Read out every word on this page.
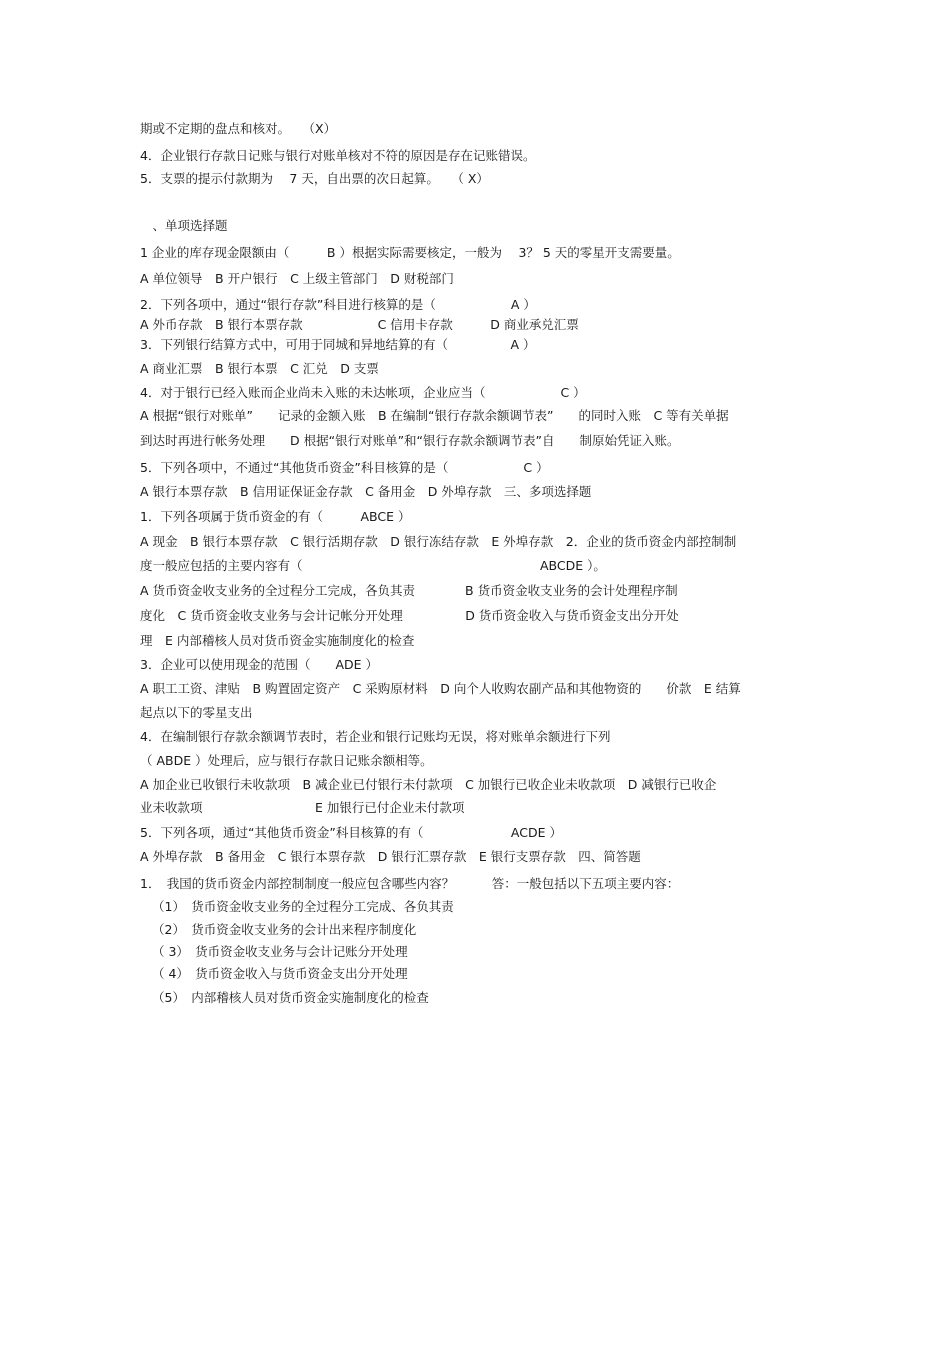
期或不定期的盘点和核对。　　（X）
4．企业银行存款日记账与银行对账单核对不符的原因是存在记账错误。
5．支票的提示付款期为　 7 天，自出票的次日起算。　　（ X）
　、单项选择题
1 企业的库存现金限额由（　　　B ）根据实际需要核定，一般为　 3？ 5 天的零星开支需要量。
A 单位领导　B 开户银行　C 上级主管部门　D 财税部门
2．下列各项中，通过“银行存款”科目进行核算的是（　　　　　　A ）
A 外币存款　B 银行本票存款　　　　　　C 信用卡存款　　　D 商业承兑汇票
3．下列银行结算方式中，可用于同城和异地结算的有（　　　　　A ）
A 商业汇票　B 银行本票　C 汇兑　D 支票
4．对于银行已经入账而企业尚未入账的未达帐项，企业应当（　　　　　　C ）
A 根据“银行对账单”　　记录的金额入账　B 在编制“银行存款余额调节表”　　的同时入账　C 等有关单据
到达时再进行帐务处理　　D 根据“银行对账单”和“银行存款余额调节表”自　　制原始凭证入账。
5．下列各项中，不通过“其他货币资金”科目核算的是（　　　　　　C ）
A 银行本票存款　B 信用证保证金存款　C 备用金　D 外埠存款　三、多项选择题
1．下列各项属于货币资金的有（　　　ABCE ）
A 现金　B 银行本票存款　C 银行活期存款　D 银行冻结存款　E 外埠存款　2．企业的货币资金内部控制制
度一般应包括的主要内容有（　　　　　　　　　　　　　　　　　　　ABCDE ）。
A 货币资金收支业务的全过程分工完成，各负其责　　　　B 货币资金收支业务的会计处理程序制
度化　C 货币资金收支业务与会计记帐分开处理　　　　　D 货币资金收入与货币资金支出分开处
理　E 内部稽核人员对货币资金实施制度化的检查
3．企业可以使用现金的范围（　　ADE ）
A 职工工资、津贴　B 购置固定资产　C 采购原材料　D 向个人收购农副产品和其他物资的　　价款　E 结算
起点以下的零星支出
4．在编制银行存款余额调节表时，若企业和银行记账均无误，将对账单余额进行下列
（ ABDE ）处理后，应与银行存款日记账余额相等。
A 加企业已收银行未收款项　B 减企业已付银行未付款项　C 加银行已收企业未收款项　D 减银行已收企
业未收款项　　　　　　　　　E 加银行已付企业未付款项
5．下列各项，通过“其他货币资金”科目核算的有（　　　　　　　ACDE ）
A 外埠存款　B 备用金　C 银行本票存款　D 银行汇票存款　E 银行支票存款　四、简答题
1．　我国的货币资金内部控制制度一般应包含哪些内容？　　　答：一般包括以下五项主要内容：
（1）　货币资金收支业务的全过程分工完成、各负其责
（2）　货币资金收支业务的会计出来程序制度化
（ 3）　货币资金收支业务与会计记账分开处理
（ 4）　货币资金收入与货币资金支出分开处理
（5）　内部稽核人员对货币资金实施制度化的检查
